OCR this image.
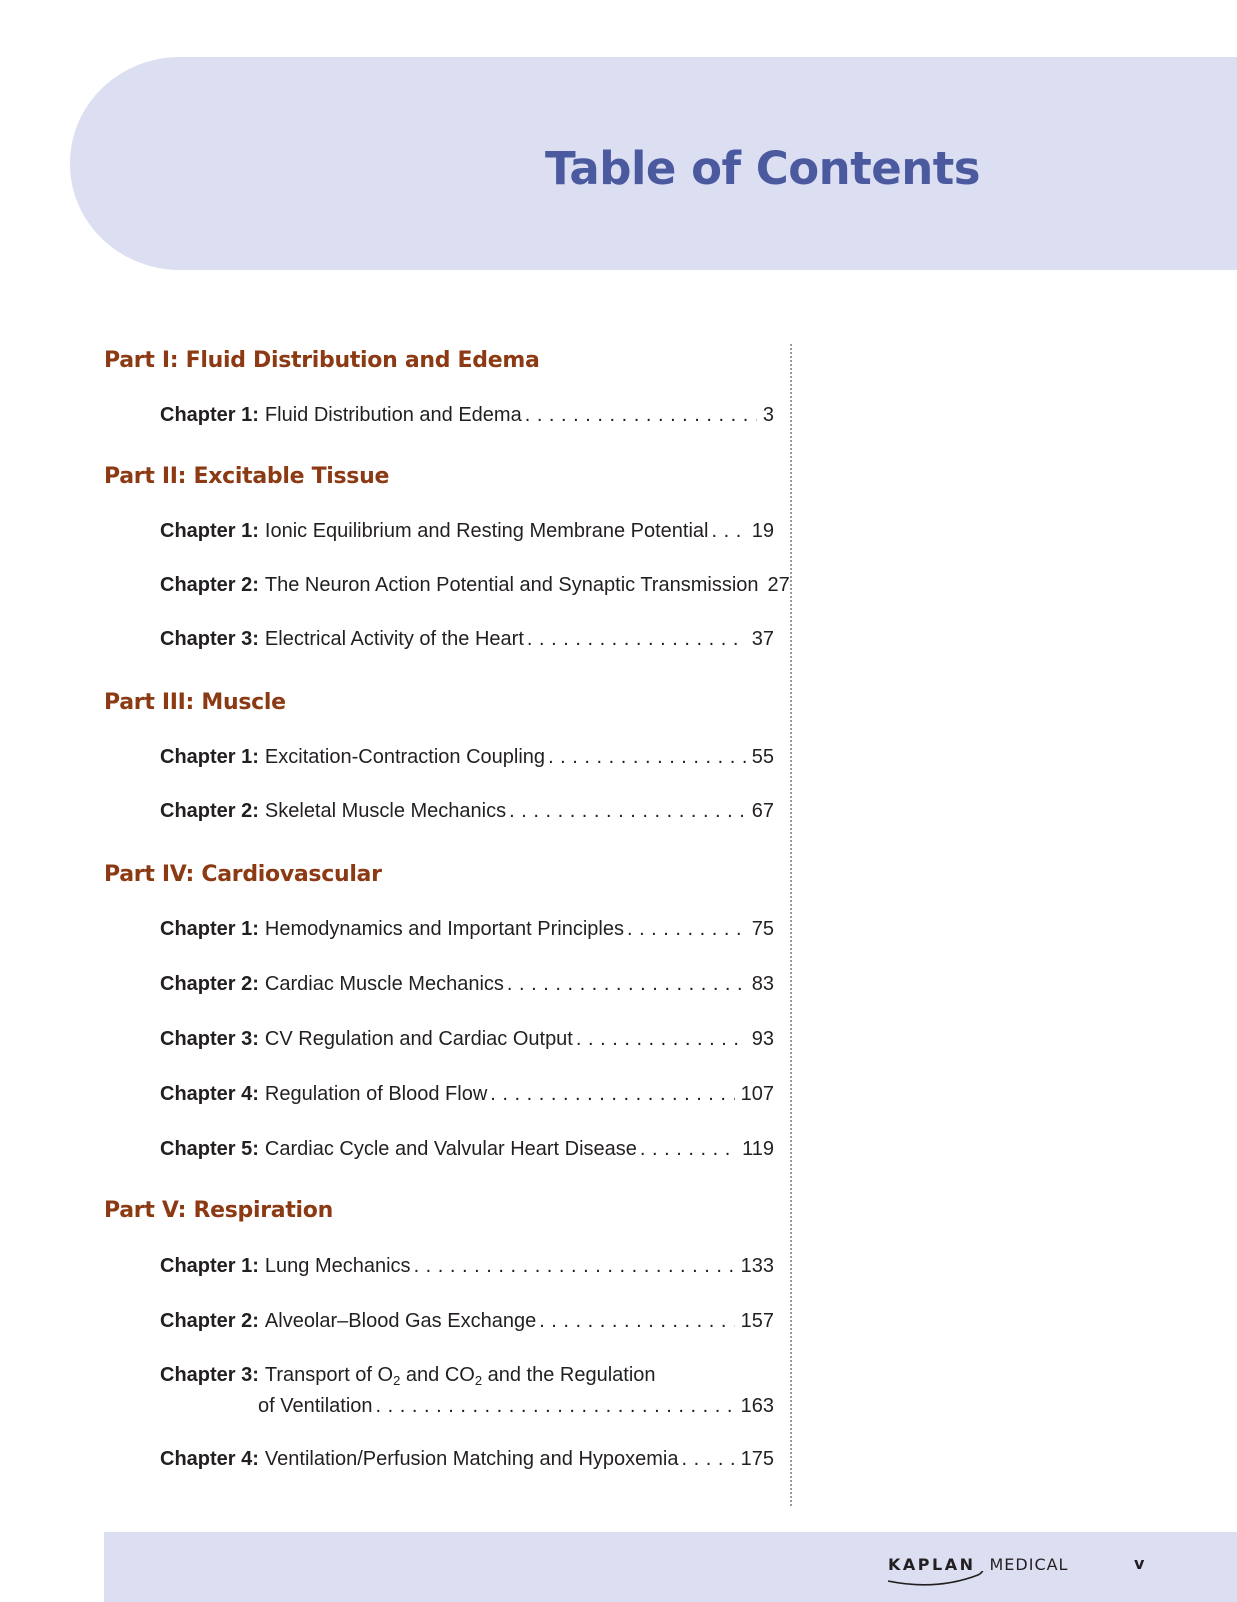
Table of Contents
Part I: Fluid Distribution and Edema
Chapter 1: Fluid Distribution and Edema . . .	3
Part II: Excitable Tissue
Chapter 1: Ionic Equilibrium and Resting Membrane Potential . . . 19
Chapter 2: The Neuron Action Potential and Synaptic Transmission 27
Chapter 3: Electrical Activity of the Heart . . .	37
Part III: Muscle
Chapter 1: Excitation-Contraction Coupling . . .	55
Chapter 2: Skeletal Muscle Mechanics . . .	67
Part IV: Cardiovascular
Chapter 1: Hemodynamics and Important Principles . . .	75
Chapter 2: Cardiac Muscle Mechanics . . .	83
Chapter 3: CV Regulation and Cardiac Output . . .	93
Chapter 4: Regulation of Blood Flow . . .	107
Chapter 5: Cardiac Cycle and Valvular Heart Disease . . .	119
Part V: Respiration
Chapter 1: Lung Mechanics . . .	133
Chapter 2: Alveolar–Blood Gas Exchange . . .	157
Chapter 3: Transport of $O_2$ and $CO_2$ and the Regulation
of Ventilation . . .	163
Chapter 4: Ventilation/Perfusion Matching and Hypoxemia . . .	175
KAPLAN MEDICAL	v
